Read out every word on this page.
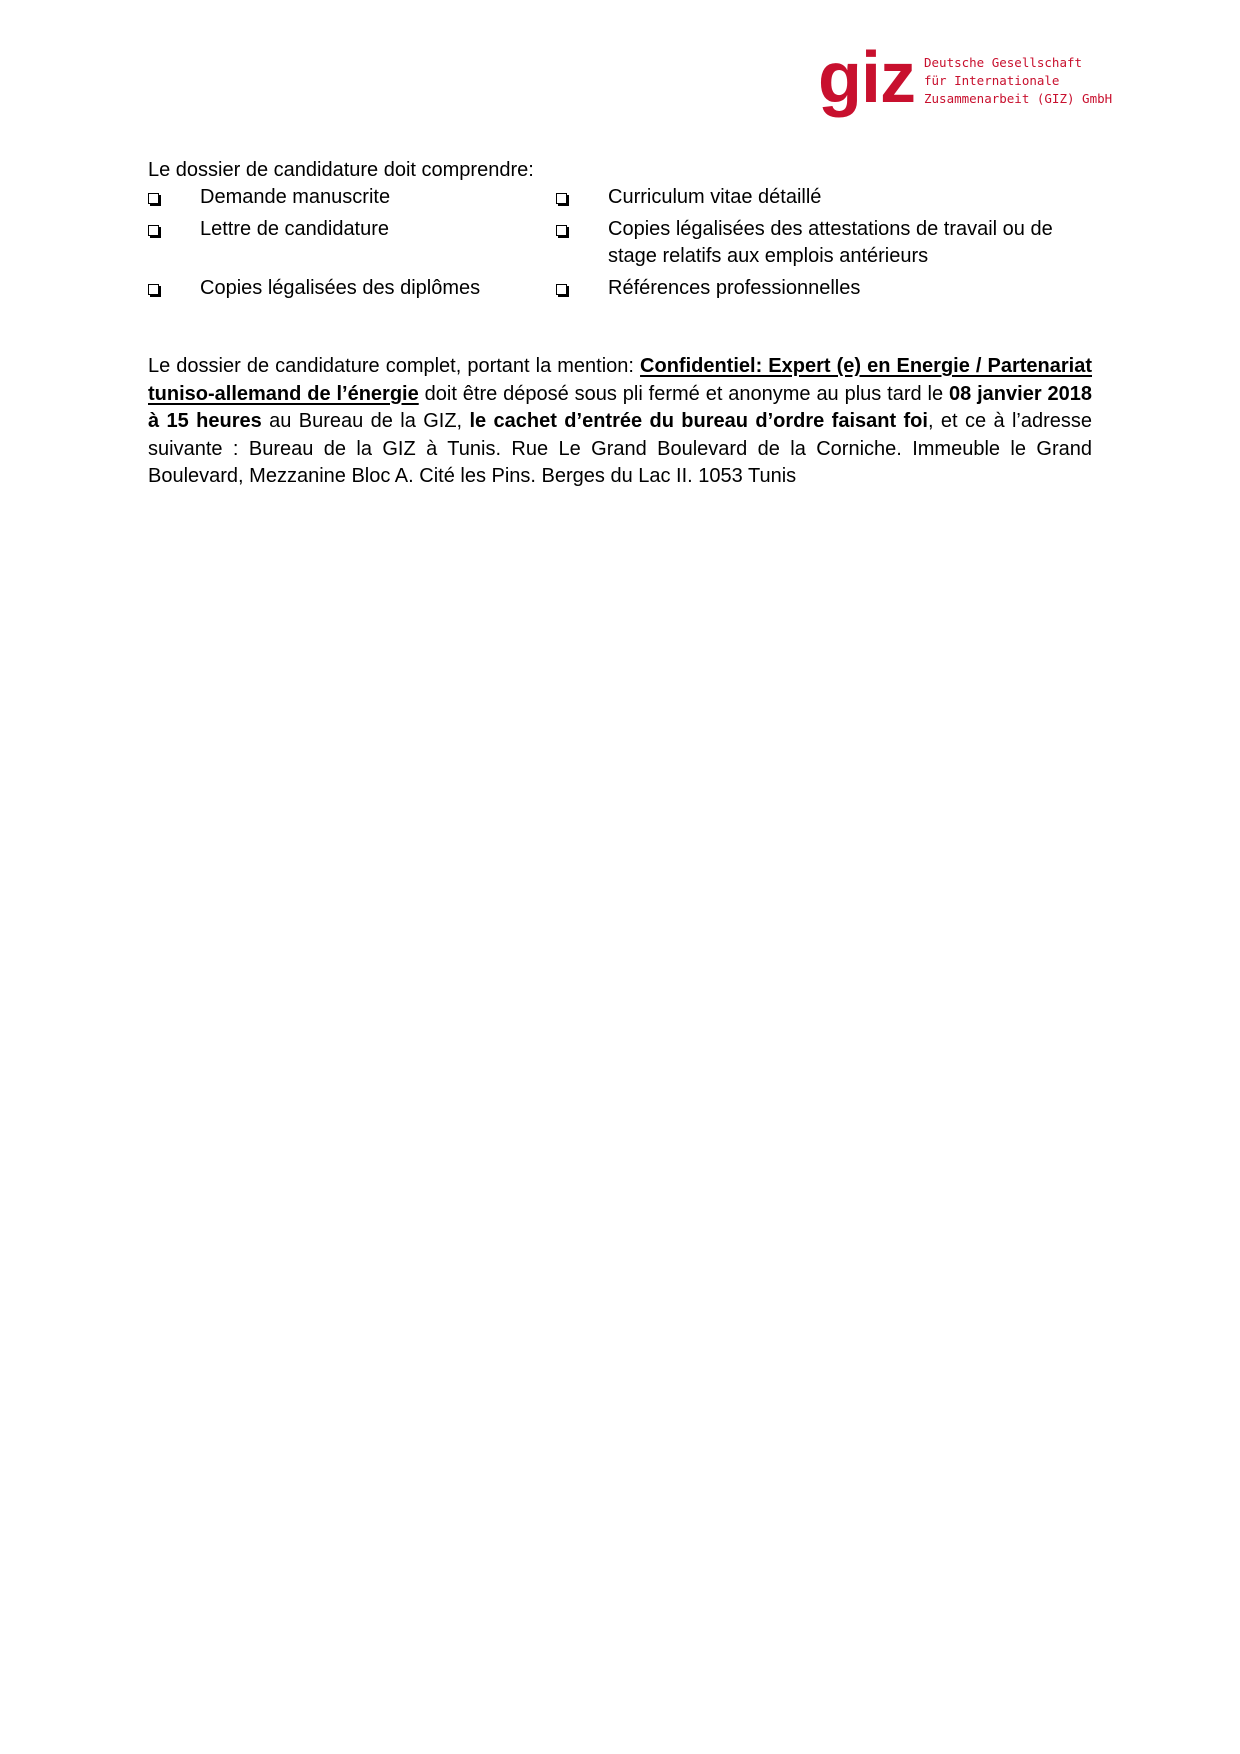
giz Deutsche Gesellschaft
für Internationale
Zusammenarbeit (GIZ) GmbH
Le dossier de candidature doit comprendre:
Demande manuscrite	Curriculum vitae détaillé
Lettre de candidature	Copies légalisées des attestations de travail ou de stage relatifs aux emplois antérieurs
Copies légalisées des diplômes	Références professionnelles

Le dossier de candidature complet, portant la mention: Confidentiel: Expert (e) en Energie / Partenariat tuniso-allemand de l’énergie doit être déposé sous pli fermé et anonyme au plus tard le 08 janvier 2018 à 15 heures au Bureau de la GIZ, le cachet d’entrée du bureau d’ordre faisant foi, et ce à l’adresse suivante : Bureau de la GIZ à Tunis. Rue Le Grand Boulevard de la Corniche. Immeuble le Grand Boulevard, Mezzanine Bloc A. Cité les Pins. Berges du Lac II. 1053 Tunis
